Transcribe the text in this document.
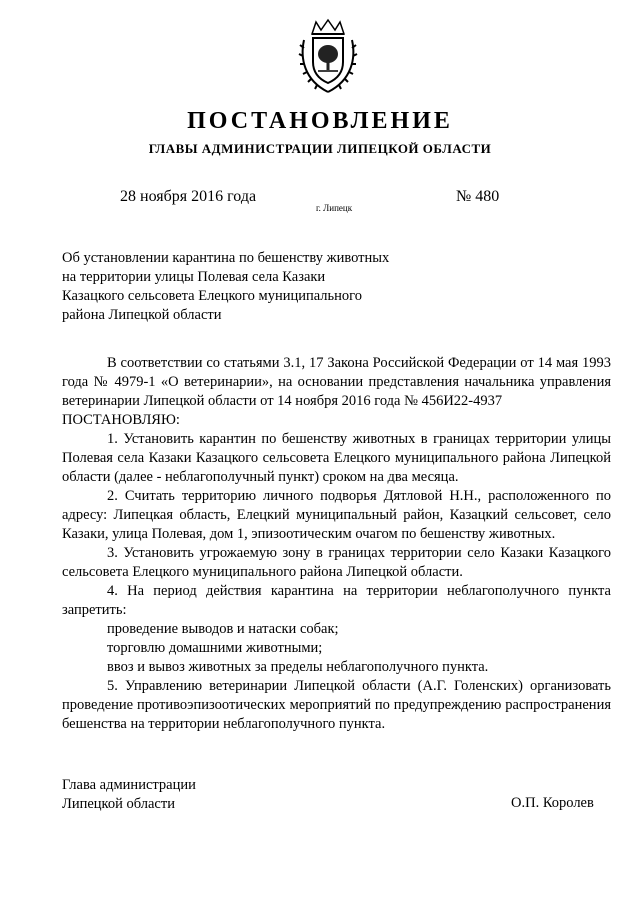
ПОСТАНОВЛЕНИЕ
ГЛАВЫ АДМИНИСТРАЦИИ ЛИПЕЦКОЙ ОБЛАСТИ
28 ноября 2016 года
г. Липецк
№ 480
Об установлении карантина по бешенству животных
на территории улицы Полевая села Казаки
Казацкого сельсовета Елецкого муниципального
района Липецкой области

В соответствии со статьями 3.1, 17 Закона Российской Федерации от 14 мая 1993 года № 4979-1 «О ветеринарии», на основании представления начальника управления ветеринарии Липецкой области от 14 ноября 2016 года № 456И22-4937

ПОСТАНОВЛЯЮ:

1. Установить карантин по бешенству животных в границах территории улицы Полевая села Казаки Казацкого сельсовета Елецкого муниципального района Липецкой области (далее - неблагополучный пункт) сроком на два месяца.

2. Считать территорию личного подворья Дятловой Н.Н., расположенного по адресу: Липецкая область, Елецкий муниципальный район, Казацкий сельсовет, село Казаки, улица Полевая, дом 1, эпизоотическим очагом по бешенству животных.

3. Установить угрожаемую зону в границах территории село Казаки Казацкого сельсовета Елецкого муниципального района Липецкой области.

4. На период действия карантина на территории неблагополучного пункта запретить:

проведение выводов и натаски собак;

торговлю домашними животными;

ввоз и вывоз животных за пределы неблагополучного пункта.

5. Управлению ветеринарии Липецкой области (А.Г. Голенских) организовать проведение противоэпизоотических мероприятий по предупреждению распространения бешенства на территории неблагополучного пункта.

Глава администрации
Липецкой области	О.П. Королев
